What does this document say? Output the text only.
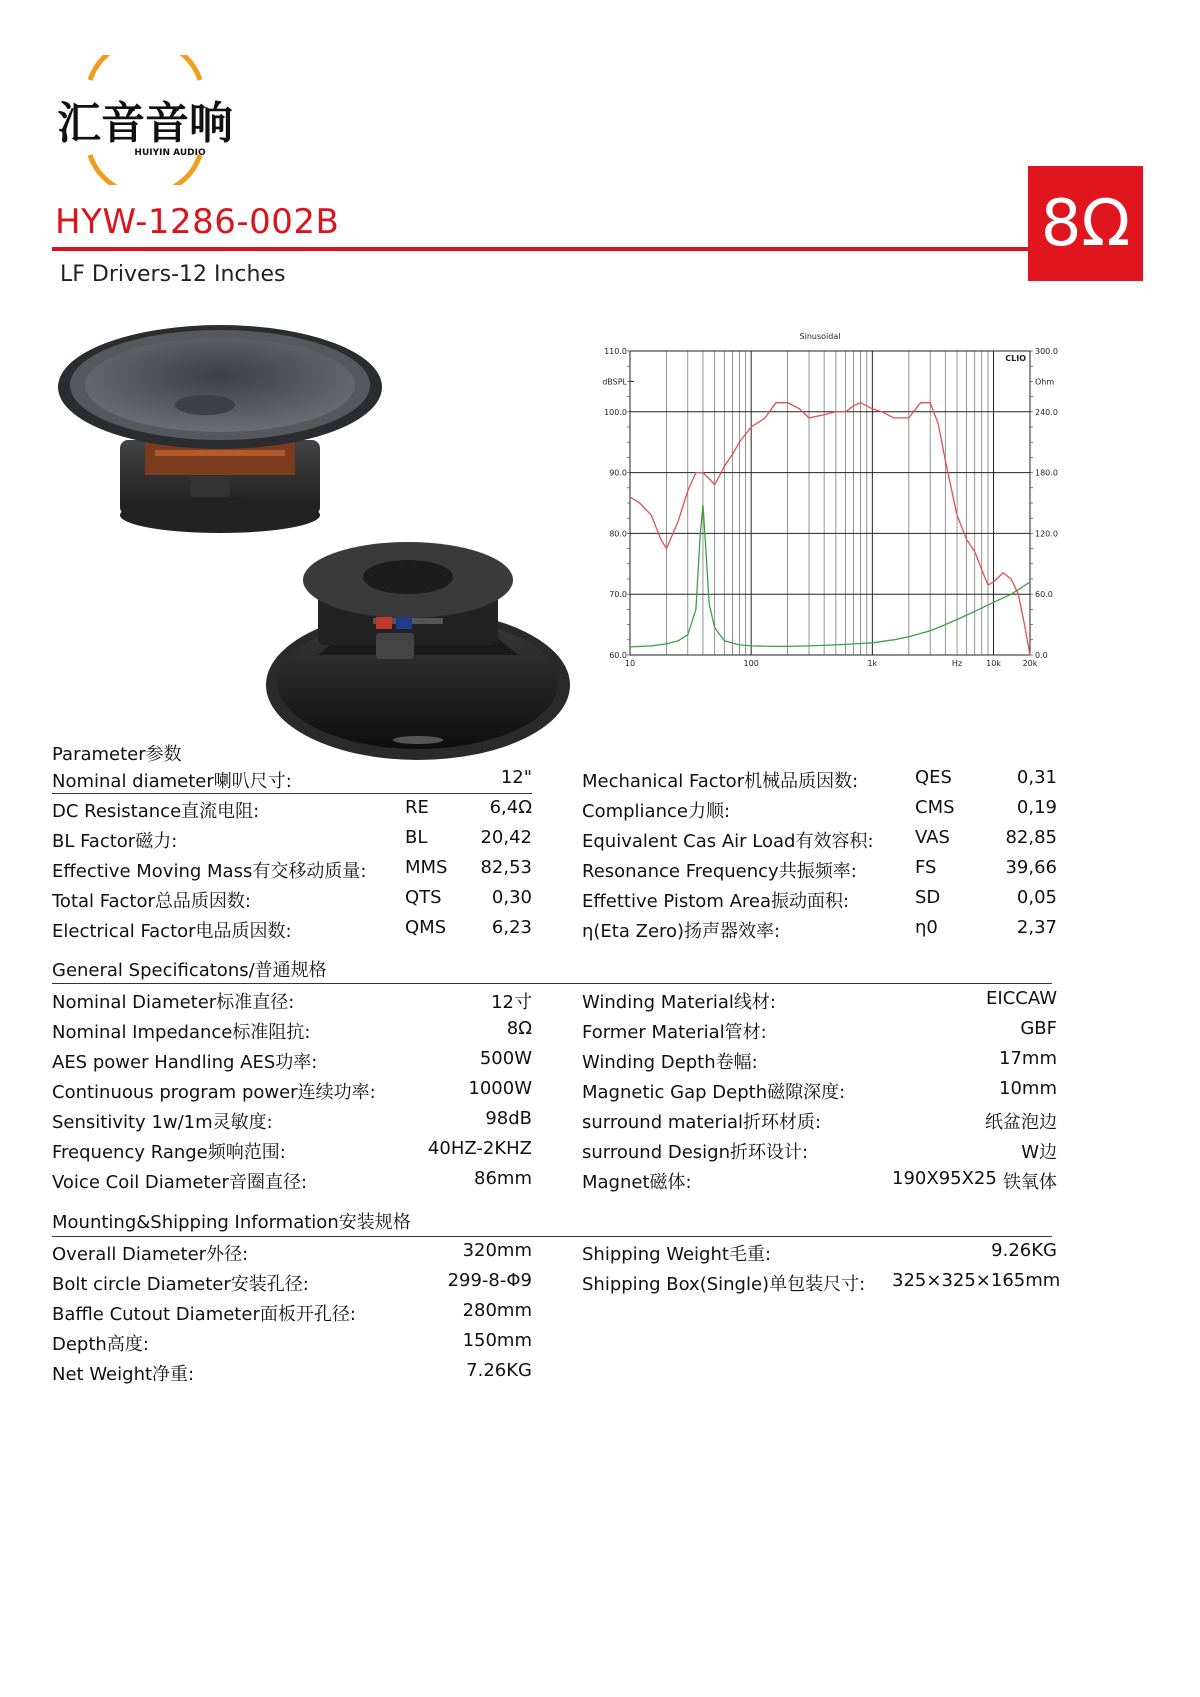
汇音音响
HUIYIN AUDIO
HYW-1286-002B	8Ω
LF Drivers-12 Inches
60.0
70.0
80.0
90.0
100.0
110.0
dBSPL
0.0
60.0
120.0
180.0
240.0
300.0
Ohm
10	100	1k	Hz	10k	20k
Sinusoidal
CLIO
Parameter参数
Nominal diameter喇叭尺寸:	12"
DC Resistance直流电阻:	RE	6,4Ω
BL Factor磁力:	BL	20,42
Effective Moving Mass有交移动质量:	MMS	82,53
Total Factor总品质因数:	QTS	0,30
Electrical Factor电品质因数:	QMS	6,23
Mechanical Factor机械品质因数:	QES	0,31
Compliance力顺:	CMS	0,19
Equivalent Cas Air Load有效容积:	VAS	82,85
Resonance Frequency共振频率:	FS	39,66
Effettive Pistom Area振动面积:	SD	0,05
η(Eta Zero)扬声器效率:	η0	2,37
General Specificatons/普通规格
Nominal Diameter标准直径:	12寸
Nominal Impedance标准阻抗:	8Ω
AES power Handling AES功率:	500W
Continuous program power连续功率:	1000W
Sensitivity 1w/1m灵敏度:	98dB
Frequency Range频响范围:	40HZ-2KHZ
Voice Coil Diameter音圈直径:	86mm
Winding Material线材:	EICCAW
Former Material管材:	GBF
Winding Depth卷幅:	17mm
Magnetic Gap Depth磁隙深度:	10mm
surround material折环材质:	纸盆泡边
surround Design折环设计:	W边
Magnet磁体:	190X95X25 铁氧体
Mounting&Shipping Information安装规格
Overall Diameter外径:	320mm
Bolt circle Diameter安装孔径:	299-8-Φ9
Baffle Cutout Diameter面板开孔径:	280mm
Depth高度:	150mm
Net Weight净重:	7.26KG
Shipping Weight毛重:	9.26KG
Shipping Box(Single)单包装尺寸:	325×325×165mm
